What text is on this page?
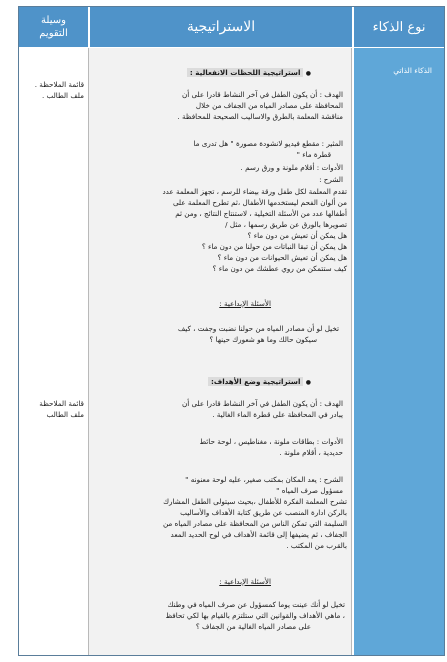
نوع الذكاء
الاستراتيجية
وسيلة
التقويم
الذكاء الذاتي
● استراتيجية اللحظات الانفعالية :
الهدف : أن يكون الطفل في آخر النشاط قادرا على أن
المحافظة على مصادر المياه من الجفاف من خلال
مناقشة المعلمة بالطرق والاساليب الصحيحة للمحافظة .
المثير : مقطع فيديو لانشودة مصورة " هل تدرى ما
قطرة ماء "
الأدوات : أقلام ملونة و ورق رسم .
الشرح :
تقدم المعلمة لكل طفل ورقة بيضاء للرسم ، تجهز المعلمة عدد
من ألوان الفحم ليستخدمها الأطفال ،ثم تطرح المعلمة على
أطفالها عدد من الأسئلة التخيلية ، لاستنتاج النتائج ، ومن ثم
تصويرها بالورق عن طريق رسمها ، مثل /
هل يمكن أن تعيش من دون ماء ؟
هل يمكن أن تبقا النباتات من حولنا من دون ماء ؟
هل يمكن أن تعيش الحيوانات من دون ماء ؟
كيف ستتمكن من روي عطشك من دون ماء ؟
الأسئلة الإبداعية :
تخيل لو أن مصادر المياه من حولنا نضبت وجفت ، كيف
سيكون حالك وما هو شعورك حينها ؟
● استراتيجية وضع الأهداف:
الهدف : أن يكون الطفل في آخر النشاط قادرا على أن
يبادر في المحافظة على قطرة الماء الغالية .
الأدوات : بطاقات ملونة ، مغناطيس ، لوحة حائط
حديدية ، أقلام ملونة .
الشرح : يعد المكان بمكتب صغير، عليه لوحة معنونه "
مسؤول صرف المياه "
تشرح المعلمة الفكرة للأطفال ،بحيث سيتولى الطفل المشارك
بالركن ادارة المنصب عن طريق كتابة الأهداف والأساليب
السليمة التي تمكن الناس من المحافظة على مصادر المياه من
الجفاف ، ثم يضيفها إلى قائمة الأهداف في لوح الحديد المعد
بالقرب من المكتب .
الأسئلة الإبداعية :
تخيل لو أنك عينت يوما كمسؤول عن صرف المياه في وطنك
، ماهي الأهداف والقوانين التي ستلتزم بالقيام بها لكي تحافظ
على مصادر المياه الغالية من الجفاف ؟
قائمة الملاحظة .
ملف الطالب .
قائمة الملاحظة
ملف الطالب
